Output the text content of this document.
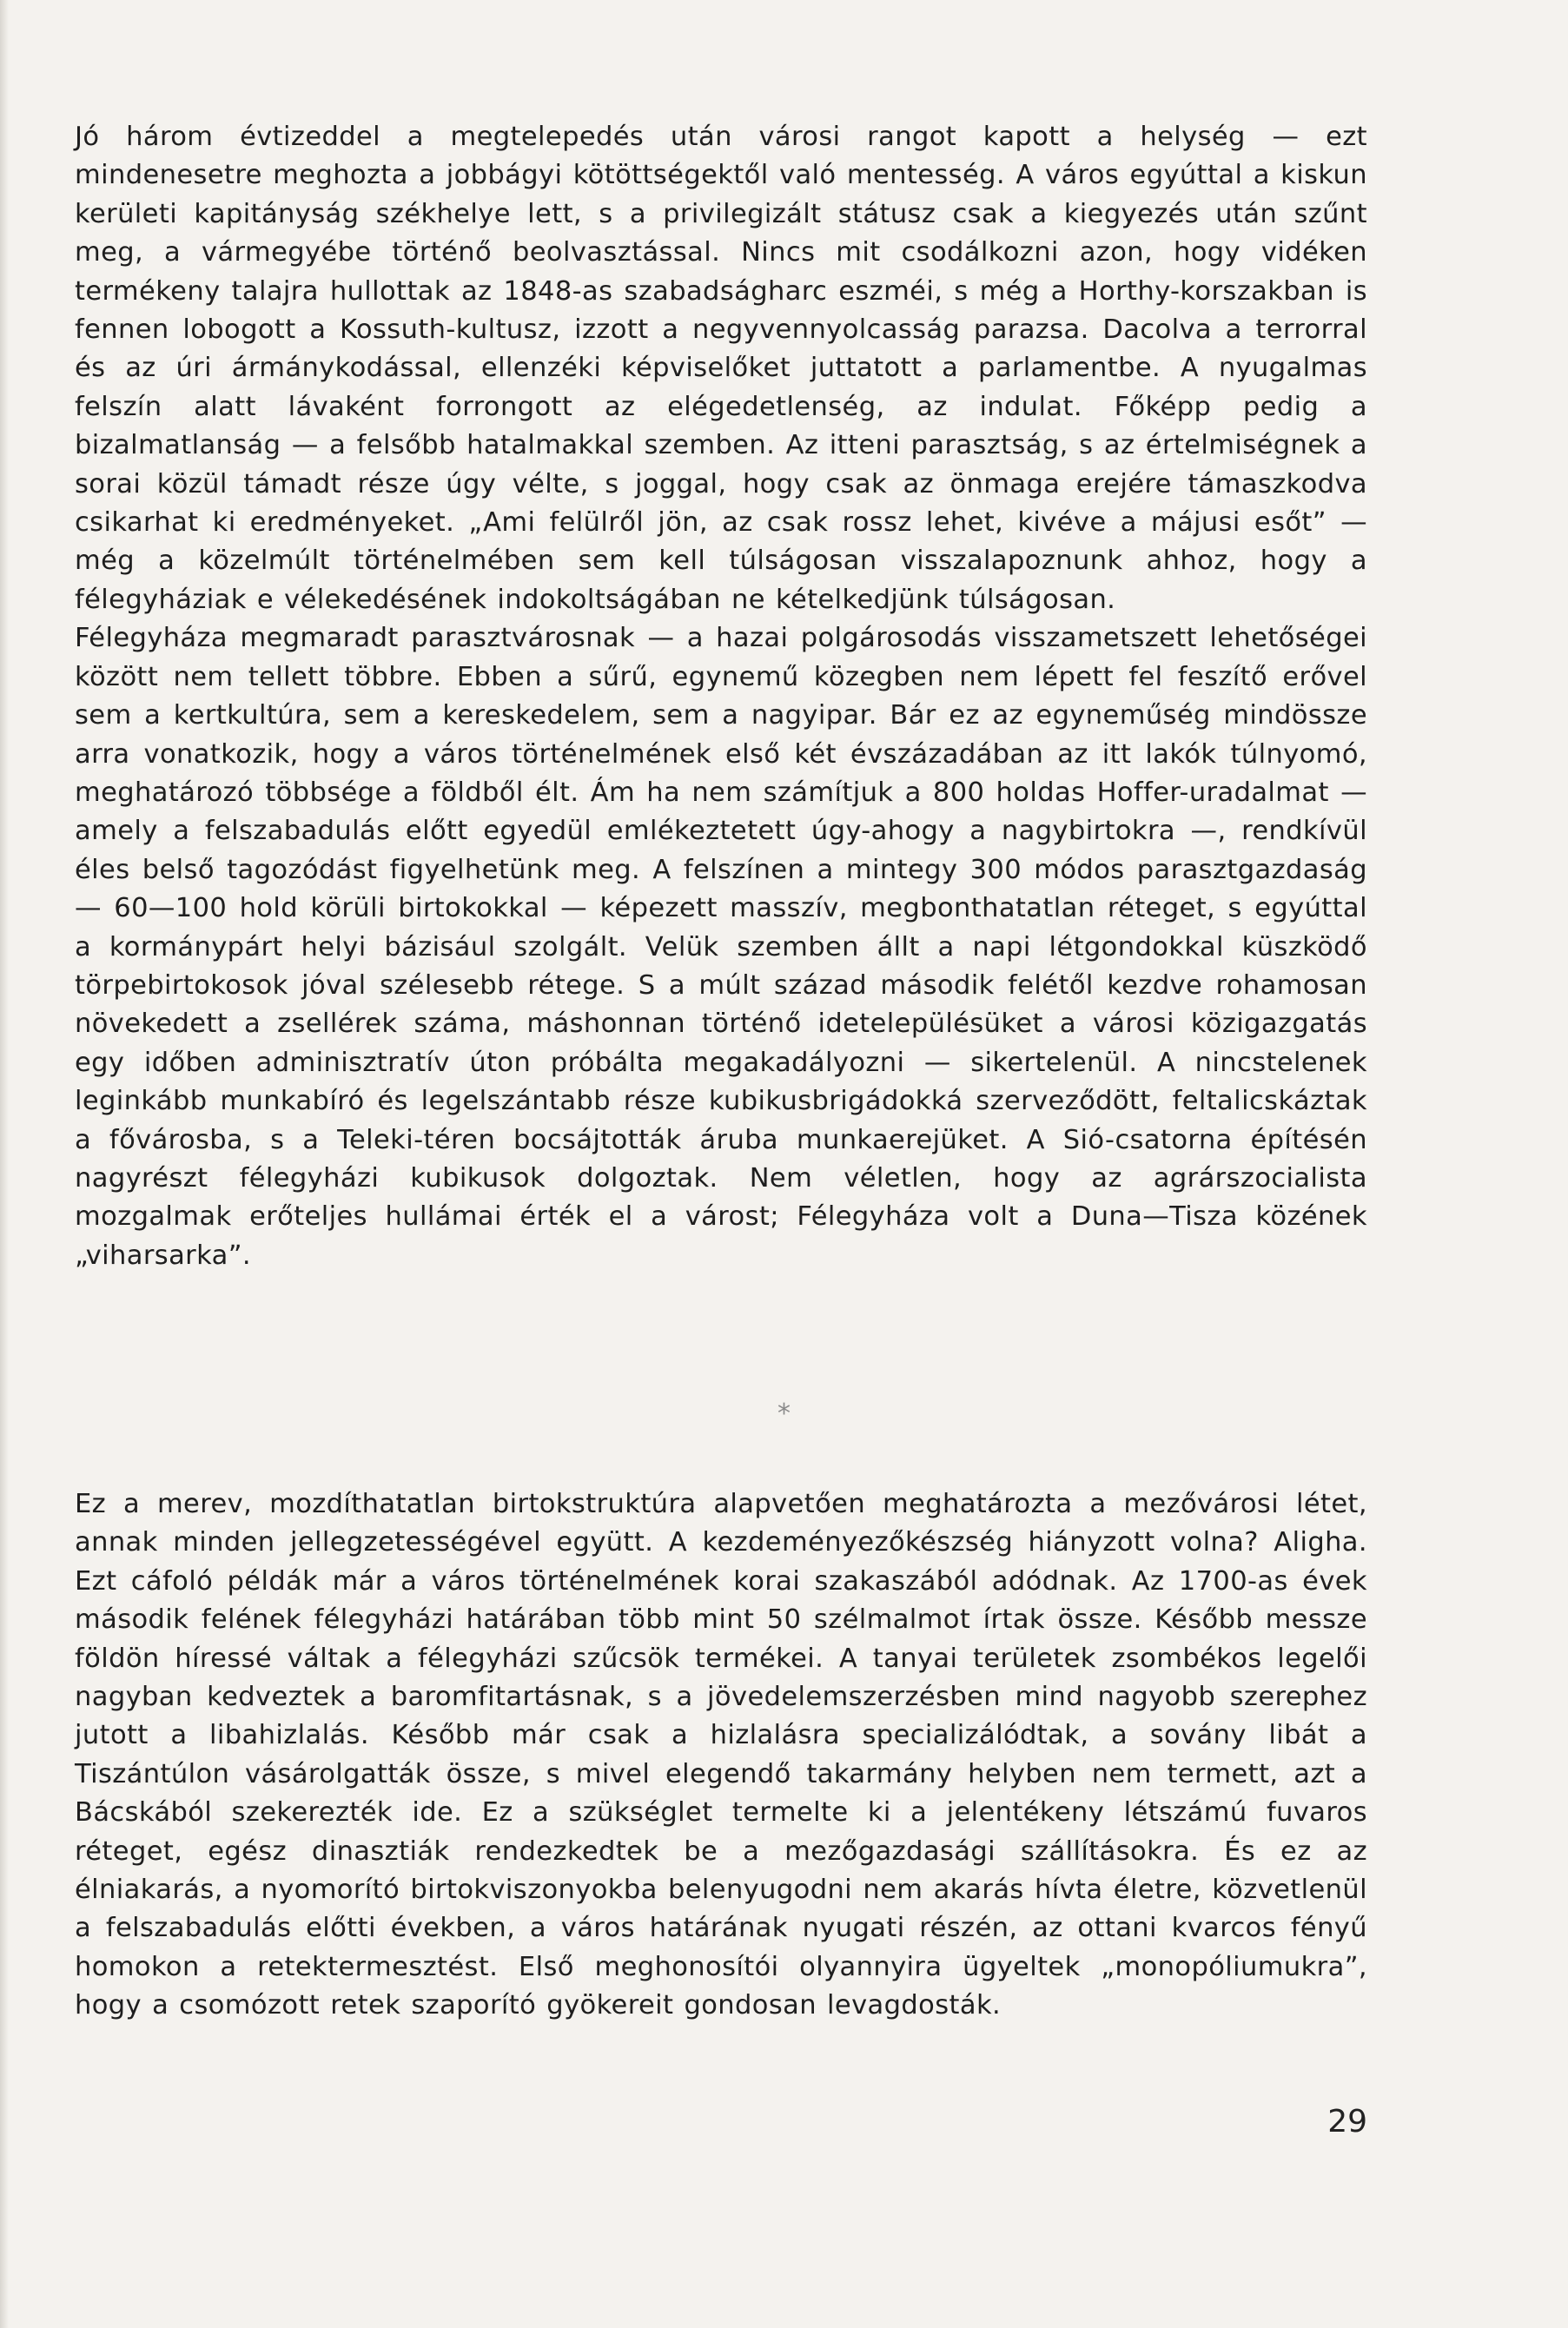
Jó három évtizeddel a megtelepedés után városi rangot kapott a helység — ezt mindenesetre meghozta a jobbágyi kötöttségektől való mentesség. A város egyúttal a kiskun kerületi kapitányság székhelye lett, s a privilegizált státusz csak a kiegyezés után szűnt meg, a vármegyébe történő beolvasztással. Nincs mit csodálkozni azon, hogy vidéken termékeny talajra hullottak az 1848-as szabadságharc eszméi, s még a Horthy-korszakban is fennen lobogott a Kossuth-kultusz, izzott a negyvennyolcasság parazsa. Dacolva a terrorral és az úri ármánykodással, ellenzéki képviselőket juttatott a parlamentbe. A nyugalmas felszín alatt lávaként forrongott az elégedetlenség, az indulat. Főképp pedig a bizalmatlanság — a felsőbb hatalmakkal szemben. Az itteni parasztság, s az értelmiségnek a sorai közül támadt része úgy vélte, s joggal, hogy csak az önmaga erejére támaszkodva csikarhat ki eredményeket. „Ami felülről jön, az csak rossz lehet, kivéve a májusi esőt” — még a közelmúlt történelmében sem kell túlságosan visszalapoznunk ahhoz, hogy a félegyháziak e vélekedésének indokoltságában ne kételkedjünk túlságosan.

Félegyháza megmaradt parasztvárosnak — a hazai polgárosodás visszametszett lehetőségei között nem tellett többre. Ebben a sűrű, egynemű közegben nem lépett fel feszítő erővel sem a kertkultúra, sem a kereskedelem, sem a nagyipar. Bár ez az egyneműség mindössze arra vonatkozik, hogy a város történelmének első két évszázadában az itt lakók túlnyomó, meghatározó többsége a földből élt. Ám ha nem számítjuk a 800 holdas Hoffer-uradalmat — amely a felszabadulás előtt egyedül emlékeztetett úgy-ahogy a nagybirtokra —, rendkívül éles belső tagozódást figyelhetünk meg. A felszínen a mintegy 300 módos parasztgazdaság — 60—100 hold körüli birtokokkal — képezett masszív, megbonthatatlan réteget, s egyúttal a kormánypárt helyi bázisául szolgált. Velük szemben állt a napi létgondokkal küszködő törpebirtokosok jóval szélesebb rétege. S a múlt század második felétől kezdve rohamosan növekedett a zsellérek száma, máshonnan történő idetelepülésüket a városi közigazgatás egy időben adminisztratív úton próbálta megakadályozni — sikertelenül. A nincstelenek leginkább munkabíró és legelszántabb része kubikusbrigádokká szerveződött, feltalicskáztak a fővárosba, s a Teleki-téren bocsájtották áruba munkaerejüket. A Sió-csatorna építésén nagyrészt félegyházi kubikusok dolgoztak. Nem véletlen, hogy az agrárszocialista mozgalmak erőteljes hullámai érték el a várost; Félegyháza volt a Duna—Tisza közének „viharsarka”.

*

Ez a merev, mozdíthatatlan birtokstruktúra alapvetően meghatározta a mezővárosi létet, annak minden jellegzetességével együtt. A kezdeményezőkészség hiányzott volna? Aligha. Ezt cáfoló példák már a város történelmének korai szakaszából adódnak. Az 1700-as évek második felének félegyházi határában több mint 50 szélmalmot írtak össze. Később messze földön híressé váltak a félegyházi szűcsök termékei. A tanyai területek zsombékos legelői nagyban kedveztek a baromfitartásnak, s a jövedelemszerzésben mind nagyobb szerephez jutott a libahizlalás. Később már csak a hizlalásra specializálódtak, a sovány libát a Tiszántúlon vásárolgatták össze, s mivel elegendő takarmány helyben nem termett, azt a Bácskából szekerezték ide. Ez a szükséglet termelte ki a jelentékeny létszámú fuvaros réteget, egész dinasztiák rendezkedtek be a mezőgazdasági szállításokra. És ez az élniakarás, a nyomorító birtokviszonyokba belenyugodni nem akarás hívta életre, közvetlenül a felszabadulás előtti években, a város határának nyugati részén, az ottani kvarcos fényű homokon a retektermesztést. Első meghonosítói olyannyira ügyeltek „monopóliumukra”, hogy a csomózott retek szaporító gyökereit gondosan levagdosták.

29
